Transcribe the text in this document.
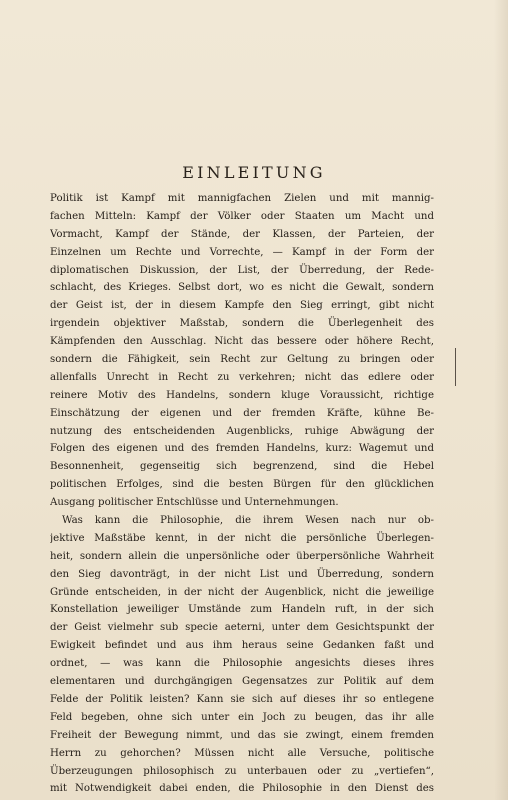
EINLEITUNG
Politik ist Kampf mit mannigfachen Zielen und mit mannig-
fachen Mitteln: Kampf der Völker oder Staaten um Macht und
Vormacht, Kampf der Stände, der Klassen, der Parteien, der
Einzelnen um Rechte und Vorrechte, — Kampf in der Form der
diplomatischen Diskussion, der List, der Überredung, der Rede-
schlacht, des Krieges. Selbst dort, wo es nicht die Gewalt, sondern
der Geist ist, der in diesem Kampfe den Sieg erringt, gibt nicht
irgendein objektiver Maßstab, sondern die Überlegenheit des
Kämpfenden den Ausschlag. Nicht das bessere oder höhere Recht,
sondern die Fähigkeit, sein Recht zur Geltung zu bringen oder
allenfalls Unrecht in Recht zu verkehren; nicht das edlere oder
reinere Motiv des Handelns, sondern kluge Voraussicht, richtige
Einschätzung der eigenen und der fremden Kräfte, kühne Be-
nutzung des entscheidenden Augenblicks, ruhige Abwägung der
Folgen des eigenen und des fremden Handelns, kurz: Wagemut und
Besonnenheit, gegenseitig sich begrenzend, sind die Hebel
politischen Erfolges, sind die besten Bürgen für den glücklichen
Ausgang politischer Entschlüsse und Unternehmungen.
Was kann die Philosophie, die ihrem Wesen nach nur ob-
jektive Maßstäbe kennt, in der nicht die persönliche Überlegen-
heit, sondern allein die unpersönliche oder überpersönliche Wahrheit
den Sieg davonträgt, in der nicht List und Überredung, sondern
Gründe entscheiden, in der nicht der Augenblick, nicht die jeweilige
Konstellation jeweiliger Umstände zum Handeln ruft, in der sich
der Geist vielmehr sub specie aeterni, unter dem Gesichtspunkt der
Ewigkeit befindet und aus ihm heraus seine Gedanken faßt und
ordnet, — was kann die Philosophie angesichts dieses ihres
elementaren und durchgängigen Gegensatzes zur Politik auf dem
Felde der Politik leisten? Kann sie sich auf dieses ihr so entlegene
Feld begeben, ohne sich unter ein Joch zu beugen, das ihr alle
Freiheit der Bewegung nimmt, und das sie zwingt, einem fremden
Herrn zu gehorchen? Müssen nicht alle Versuche, politische
Überzeugungen philosophisch zu unterbauen oder zu „vertiefen“,
mit Notwendigkeit dabei enden, die Philosophie in den Dienst des
